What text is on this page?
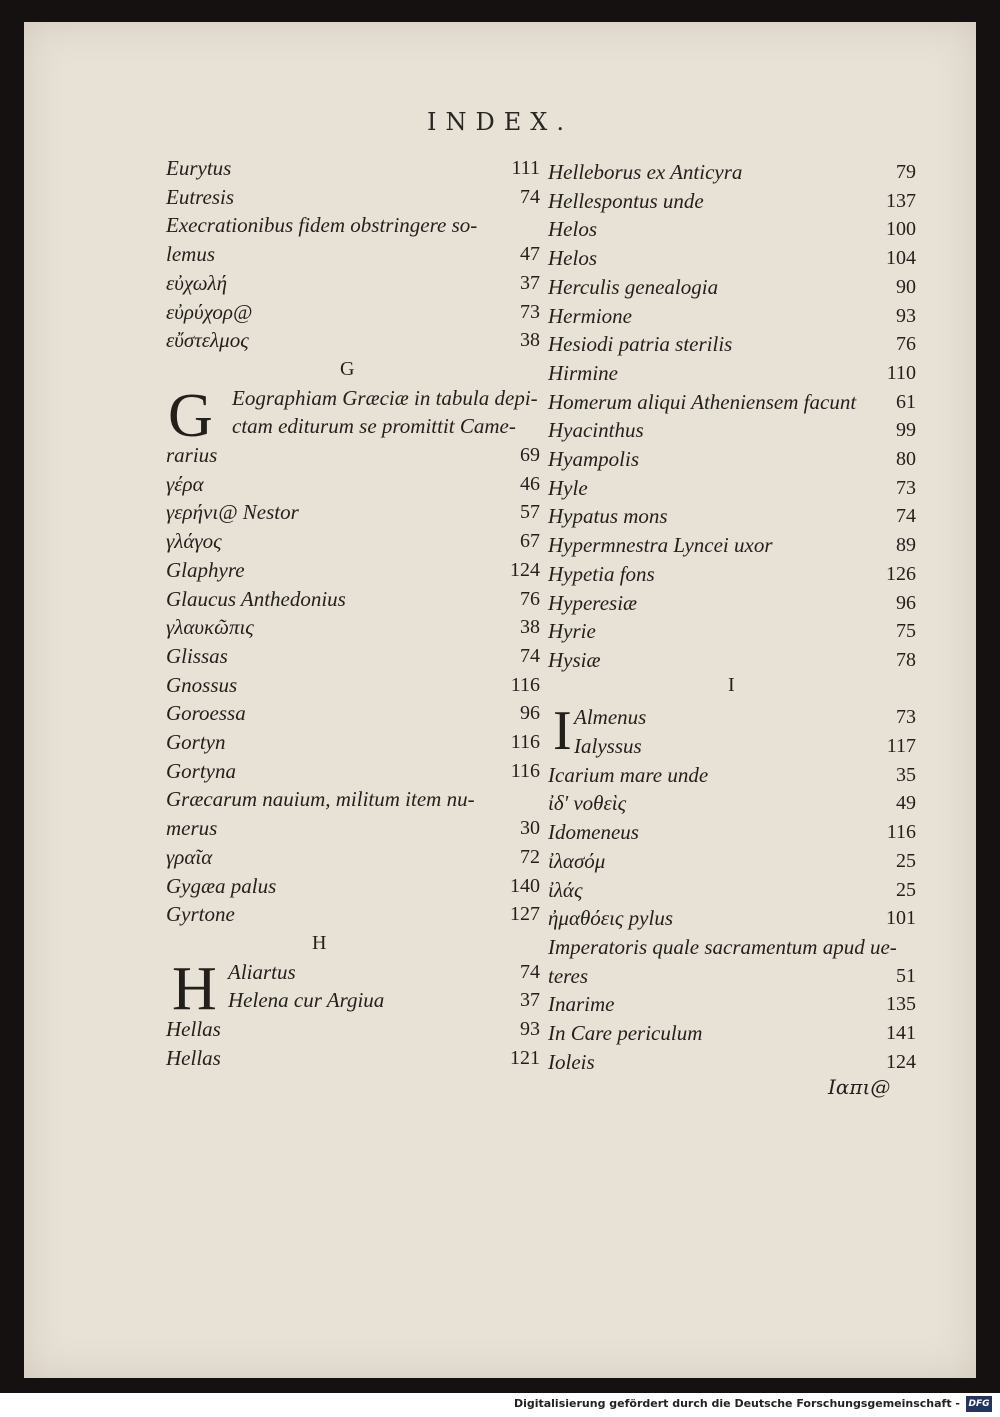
INDEX.
Eurytus	111
Eutresis	74
Execrationibus fidem obstringere so-
lemus	47
εὐχωλή	37
εὐρύχορ@	73
εὔστελμος	38
Eographiam Græciæ in tabula depi-
ctam editurum se promittit Came-
rarius	69
γέρα	46
γερήνι@ Nestor	57
γλάγος	67
Glaphyre	124
Glaucus Anthedonius	76
γλαυκῶπις	38
Glissas	74
Gnossus	116
Goroessa	96
Gortyn	116
Gortyna	116
Græcarum nauium, militum item nu-
merus	30
γραῖα	72
Gygæa palus	140
Gyrtone	127
Aliartus	74
Helena cur Argiua	37
Hellas	93
Hellas	121
Helleborus ex Anticyra	79
Hellespontus unde	137
Helos	100
Helos	104
Herculis genealogia	90
Hermione	93
Hesiodi patria sterilis	76
Hirmine	110
Homerum aliqui Atheniensem facunt	61
Hyacinthus	99
Hyampolis	80
Hyle	73
Hypatus mons	74
Hypermnestra Lyncei uxor	89
Hypetia fons	126
Hyperesiæ	96
Hyrie	75
Hysiæ	78
Almenus	73
Ialyssus	117
Icarium mare unde	35
ἰδ' νοθεὶς	49
Idomeneus	116
ἰλασόμ	25
ἰλάς	25
ἠμαθόεις pylus	101
Imperatoris quale sacramentum apud ue-
teres	51
Inarime	135
In Care periculum	141
Ioleis	124
G
G
H
H
I
I
Ιαπι@
Digitalisierung gefördert durch die Deutsche Forschungsgemeinschaft - DFG
